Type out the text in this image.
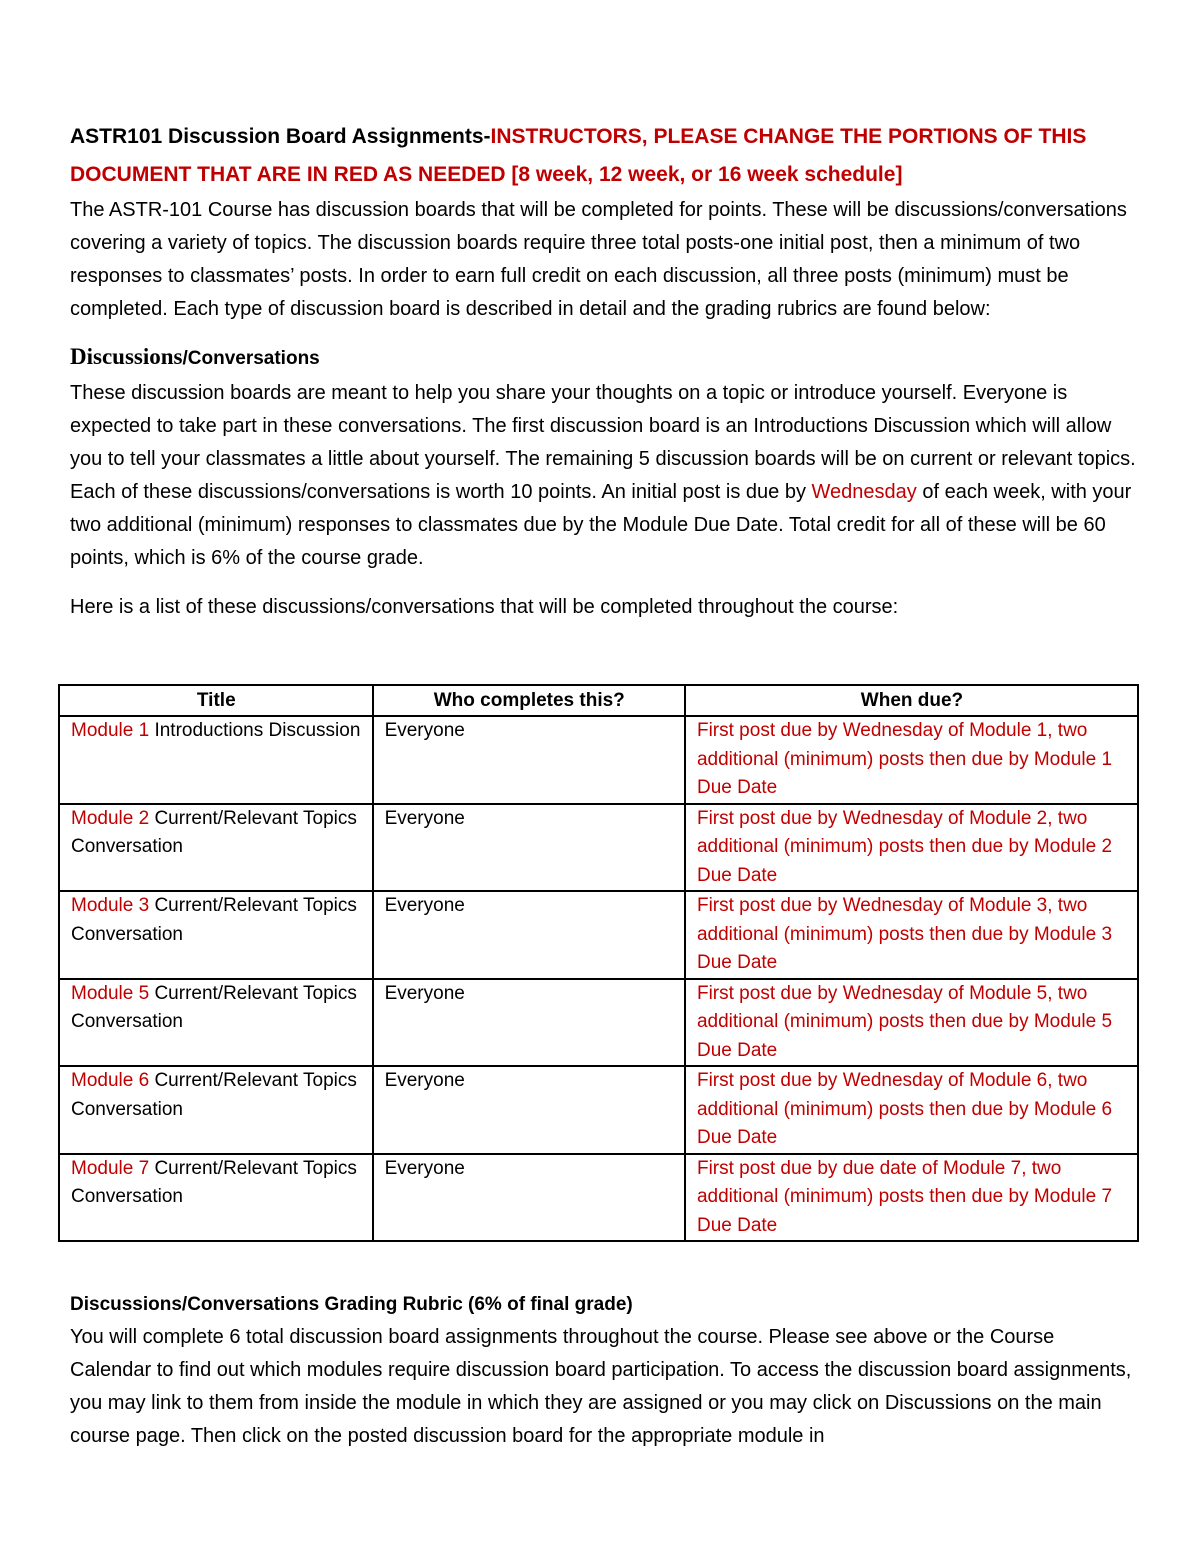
ASTR101 Discussion Board Assignments-INSTRUCTORS, PLEASE CHANGE THE PORTIONS OF THIS DOCUMENT THAT ARE IN RED AS NEEDED [8 week, 12 week, or 16 week schedule]

The ASTR-101 Course has discussion boards that will be completed for points. These will be discussions/conversations covering a variety of topics. The discussion boards require three total posts-one initial post, then a minimum of two responses to classmates’ posts. In order to earn full credit on each discussion, all three posts (minimum) must be completed. Each type of discussion board is described in detail and the grading rubrics are found below:

Discussions/Conversations

These discussion boards are meant to help you share your thoughts on a topic or introduce yourself. Everyone is expected to take part in these conversations. The first discussion board is an Introductions Discussion which will allow you to tell your classmates a little about yourself. The remaining 5 discussion boards will be on current or relevant topics. Each of these discussions/conversations is worth 10 points. An initial post is due by Wednesday of each week, with your two additional (minimum) responses to classmates due by the Module Due Date. Total credit for all of these will be 60 points, which is 6% of the course grade.

Here is a list of these discussions/conversations that will be completed throughout the course:

Title	Who completes this?	When due?
Module 1 Introductions Discussion	Everyone	First post due by Wednesday of Module 1, two additional (minimum) posts then due by Module 1 Due Date
Module 2 Current/Relevant Topics Conversation	Everyone	First post due by Wednesday of Module 2, two additional (minimum) posts then due by Module 2 Due Date
Module 3 Current/Relevant Topics Conversation	Everyone	First post due by Wednesday of Module 3, two additional (minimum) posts then due by Module 3 Due Date
Module 5 Current/Relevant Topics Conversation	Everyone	First post due by Wednesday of Module 5, two additional (minimum) posts then due by Module 5 Due Date
Module 6 Current/Relevant Topics Conversation	Everyone	First post due by Wednesday of Module 6, two additional (minimum) posts then due by Module 6 Due Date
Module 7 Current/Relevant Topics Conversation	Everyone	First post due by due date of Module 7, two additional (minimum) posts then due by Module 7 Due Date

Discussions/Conversations Grading Rubric (6% of final grade)

You will complete 6 total discussion board assignments throughout the course. Please see above or the Course Calendar to find out which modules require discussion board participation. To access the discussion board assignments, you may link to them from inside the module in which they are assigned or you may click on Discussions on the main course page. Then click on the posted discussion board for the appropriate module in
